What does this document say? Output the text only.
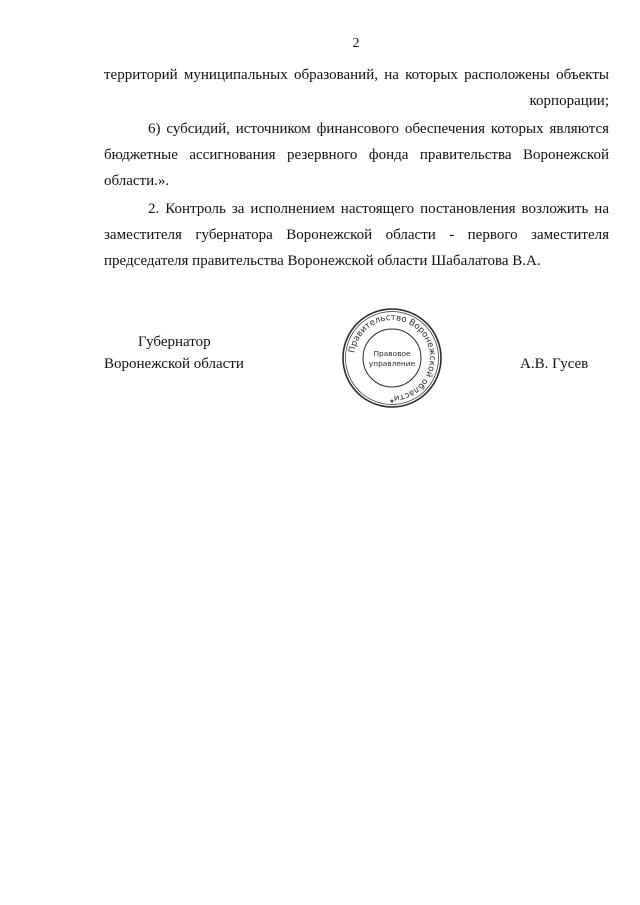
2
территорий муниципальных образований, на которых расположены объекты
корпорации;
6) субсидий, источником финансового обеспечения которых являются
бюджетные ассигнования резервного фонда правительства Воронежской
области.».
2. Контроль за исполнением настоящего постановления возложить на
заместителя губернатора Воронежской области - первого заместителя
председателя правительства Воронежской области Шабалатова В.А.
Губернатор
Воронежской области
Правительство Воронежской области
Правовое
управление
★
А.В. Гусев
